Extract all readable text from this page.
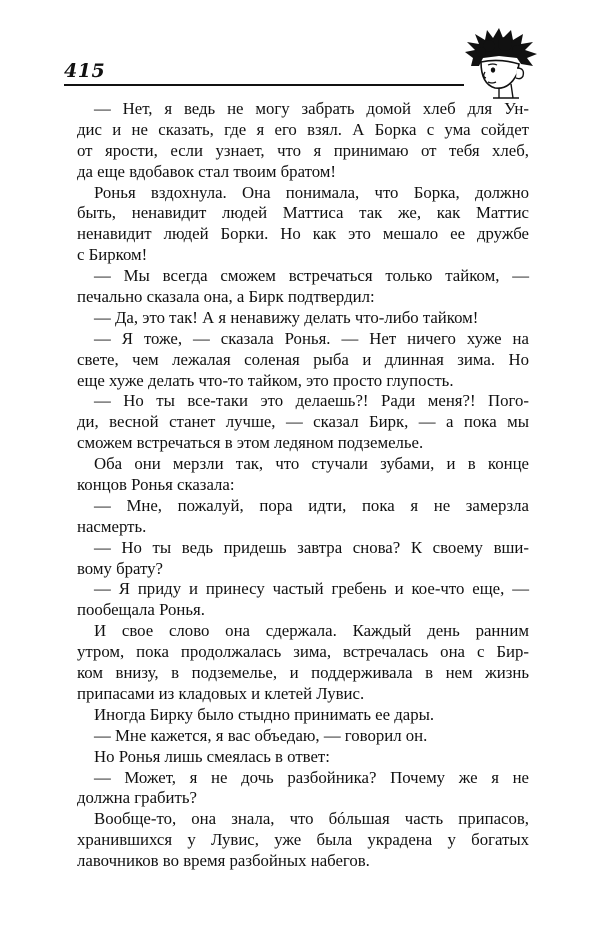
415
— Нет, я ведь не могу забрать домой хлеб для Ун-
дис и не сказать, где я его взял. А Борка с ума сойдет
от ярости, если узнает, что я принимаю от тебя хлеб,
да еще вдобавок стал твоим братом!
Ронья вздохнула. Она понимала, что Борка, должно
быть, ненавидит людей Маттиса так же, как Маттис
ненавидит людей Борки. Но как это мешало ее дружбе
с Бирком!
— Мы всегда сможем встречаться только тайком, —
печально сказала она, а Бирк подтвердил:
— Да, это так! А я ненавижу делать что-либо тайком!
— Я тоже, — сказала Ронья. — Нет ничего хуже на
свете, чем лежалая соленая рыба и длинная зима. Но
еще хуже делать что-то тайком, это просто глупость.
— Но ты все-таки это делаешь?! Ради меня?! Пого-
ди, весной станет лучше, — сказал Бирк, — а пока мы
сможем встречаться в этом ледяном подземелье.
Оба они мерзли так, что стучали зубами, и в конце
концов Ронья сказала:
— Мне, пожалуй, пора идти, пока я не замерзла
насмерть.
— Но ты ведь придешь завтра снова? К своему вши-
вому брату?
— Я приду и принесу частый гребень и кое-что еще, —
пообещала Ронья.
И свое слово она сдержала. Каждый день ранним
утром, пока продолжалась зима, встречалась она с Бир-
ком внизу, в подземелье, и поддерживала в нем жизнь
припасами из кладовых и клетей Лувис.
Иногда Бирку было стыдно принимать ее дары.
— Мне кажется, я вас объедаю, — говорил он.
Но Ронья лишь смеялась в ответ:
— Может, я не дочь разбойника? Почему же я не
должна грабить?
Вообще-то, она знала, что бóльшая часть припасов,
хранившихся у Лувис, уже была украдена у богатых
лавочников во время разбойных набегов.
